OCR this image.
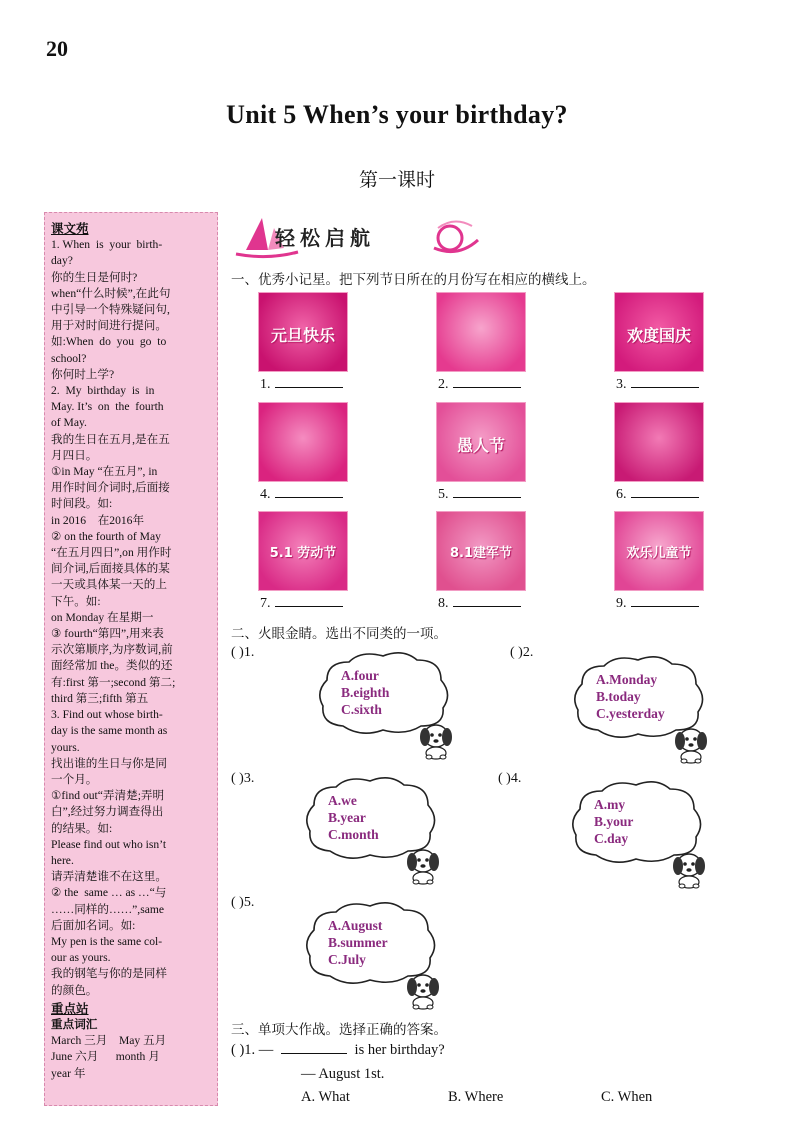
20
Unit 5 When’s your birthday?
第一课时
课文苑
1. When  is  your  birth-
day?
你的生日是何时?
when“什么时候”,在此句
中引导一个特殊疑问句,
用于对时间进行提问。
如:When  do  you  go  to
school?
你何时上学?
2.  My  birthday  is  in
May. It’s  on  the  fourth
of May.
我的生日在五月,是在五
月四日。
①in May “在五月”, in
用作时间介词时,后面接
时间段。如:
in 2016    在2016年
② on the fourth of May
“在五月四日”,on 用作时
间介词,后面接具体的某
一天或具体某一天的上
下午。如:
on Monday 在星期一
③ fourth“第四”,用来表
示次第顺序,为序数词,前
面经常加 the。类似的还
有:first 第一;second 第二;
third 第三;fifth 第五
3. Find out whose birth-
day is the same month as
yours.
找出谁的生日与你是同
一个月。
①find out“弄清楚;弄明
白”,经过努力调查得出
的结果。如:
Please find out who isn’t
here.
请弄清楚谁不在这里。
② the  same … as …“与
……同样的……”,same
后面加名词。如:
My pen is the same col-
our as yours.
我的钢笔与你的是同样
的颜色。
重点站
重点词汇
March 三月    May 五月
June 六月      month 月
year 年
轻松启航
一、优秀小记星。把下列节日所在的月份写在相应的横线上。
元旦快乐
1.	2.
欢度国庆
3.
4.
愚人节
5.	6.
5.1 劳动节
7.
8.1建军节
8.
欢乐儿童节
9.
二、火眼金睛。选出不同类的一项。
( )1.
A.four
B.eighth
C.sixth
( )2.
A.Monday
B.today
C.yesterday
( )3.
A.we
B.year
C.month
( )4.
A.my
B.your
C.day
( )5.
A.August
B.summer
C.July
三、单项大作战。选择正确的答案。
( )1. —	is her birthday?
— August 1st.
A. What	B. Where	C. When
